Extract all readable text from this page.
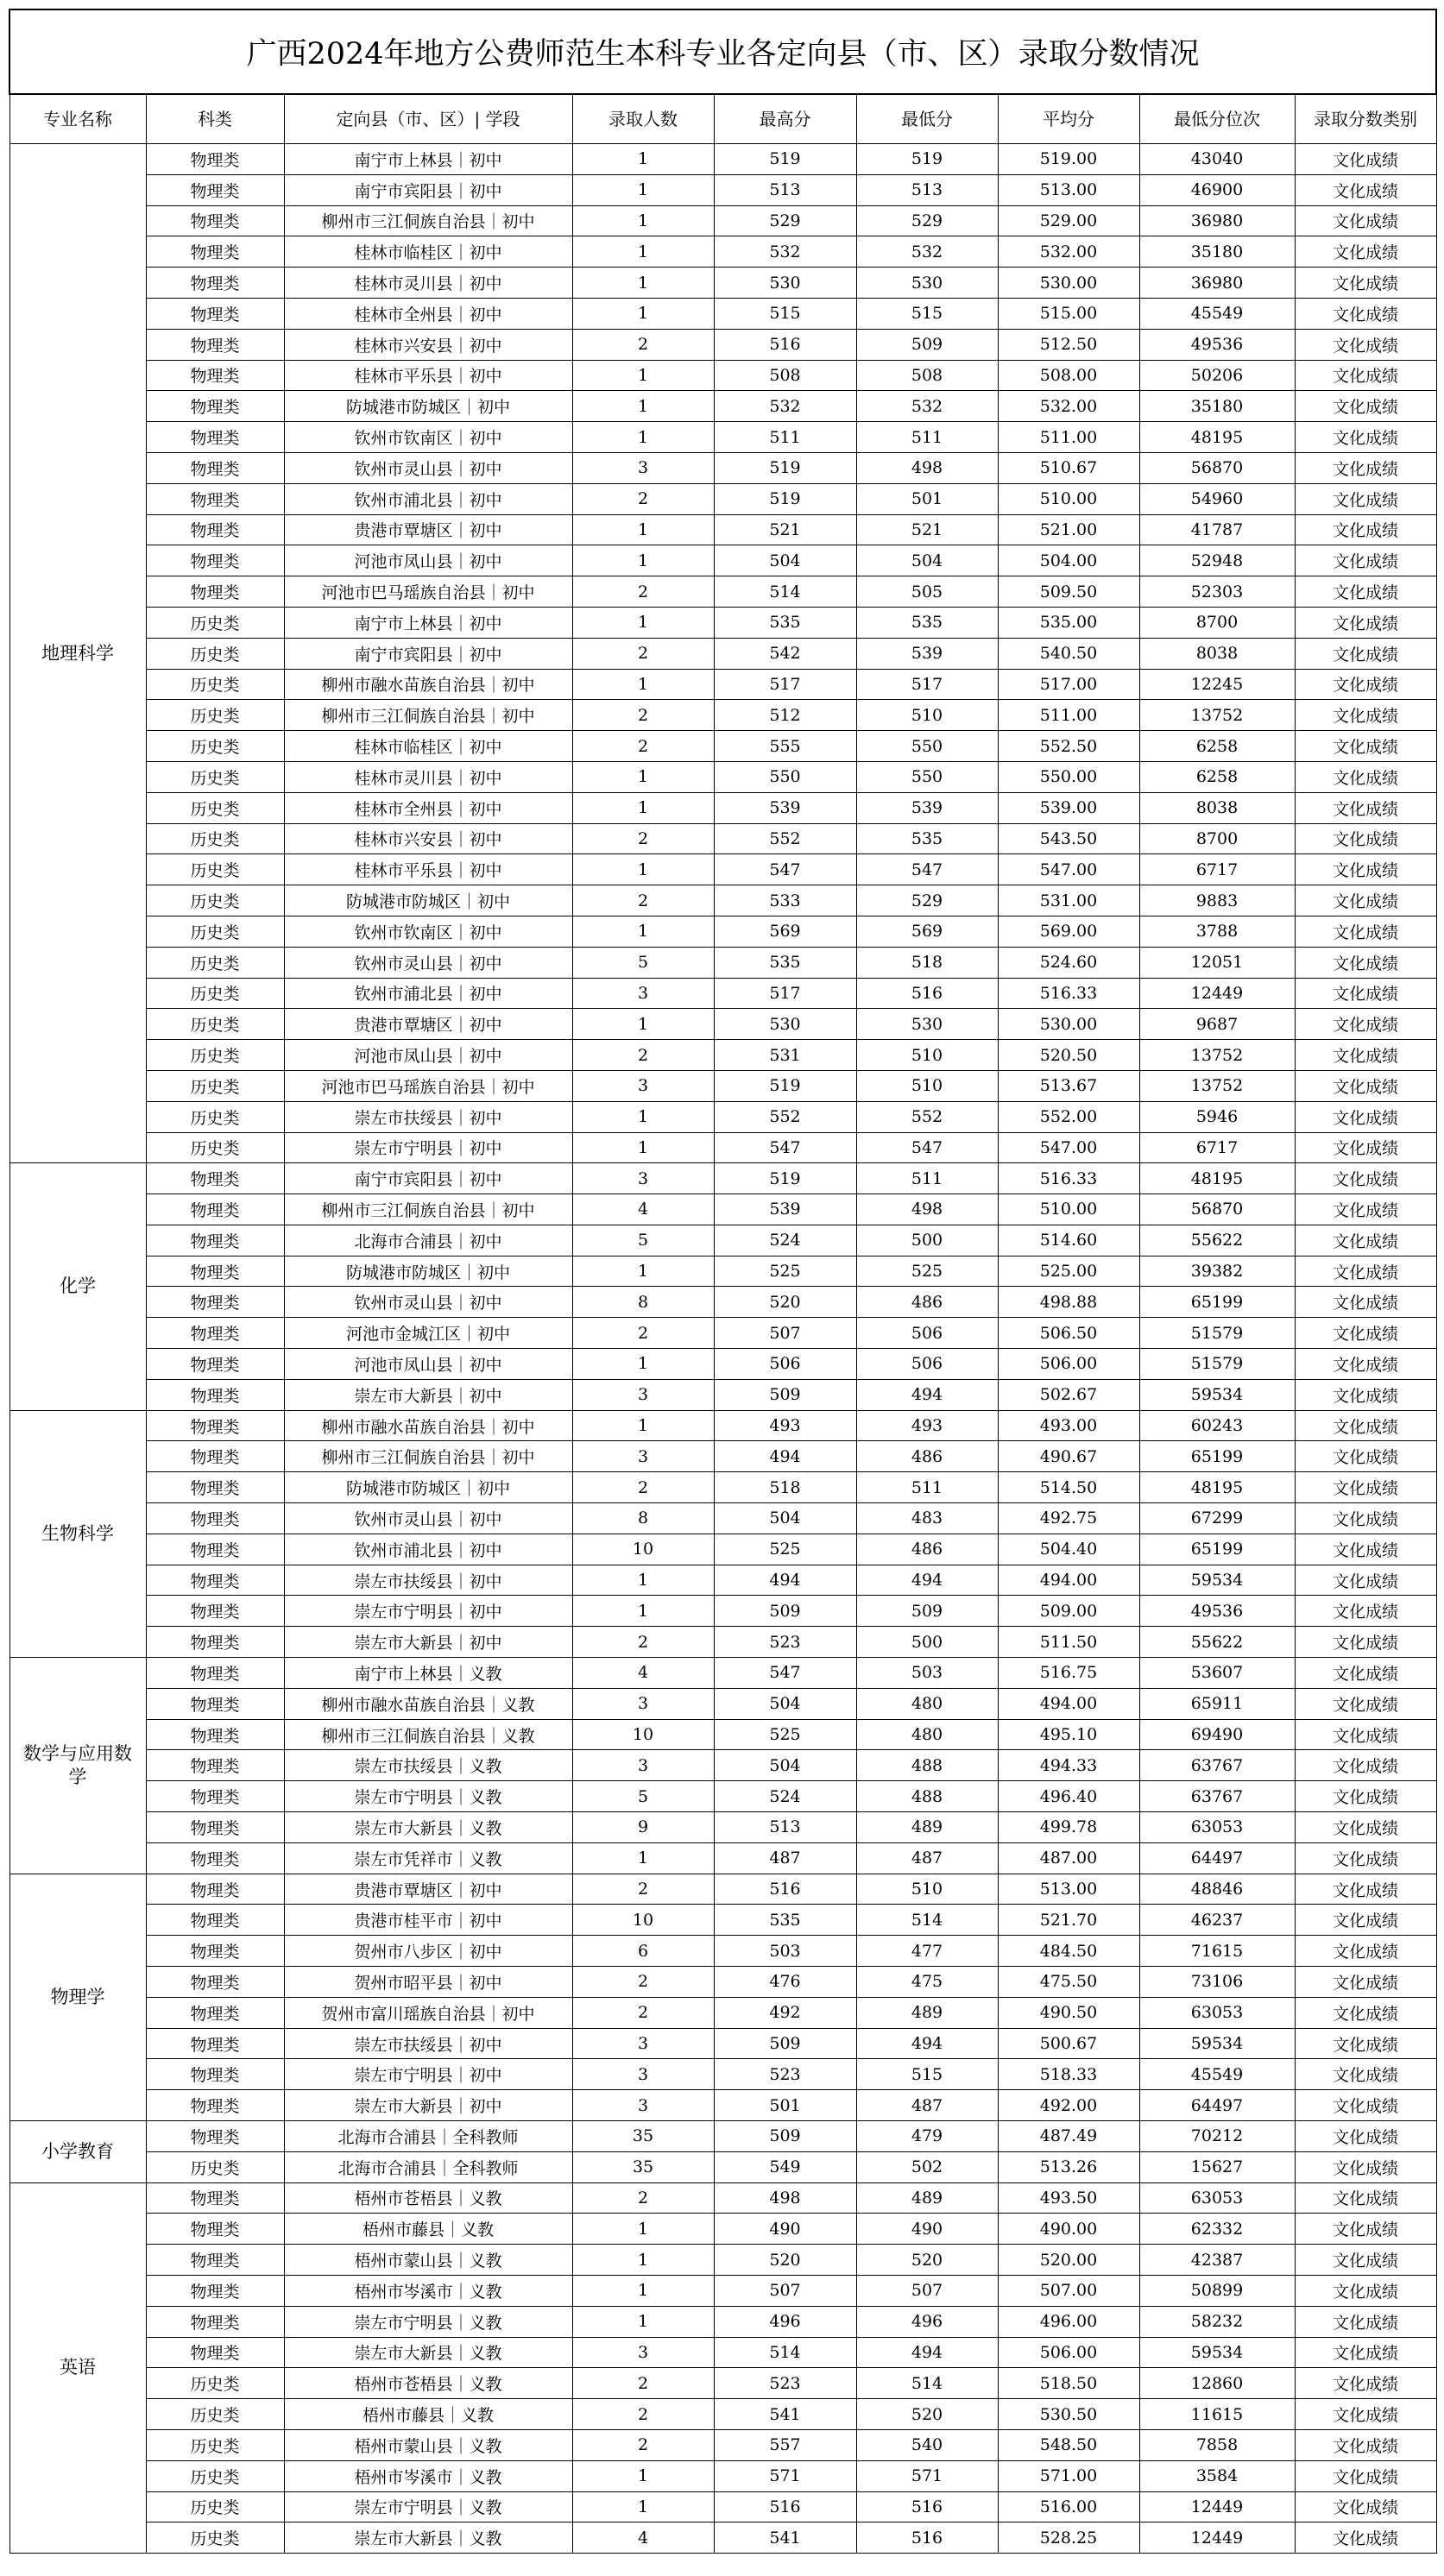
广西2024年地方公费师范生本科专业各定向县（市、区）录取分数情况								
专业名称	科类	定向县（市、区）| 学段	录取人数	最高分	最低分	平均分	最低分位次	录取分数类别
地理科学	物理类	南宁市上林县｜初中	1	519	519	519.00	43040	文化成绩
	物理类	南宁市宾阳县｜初中	1	513	513	513.00	46900	文化成绩
	物理类	柳州市三江侗族自治县｜初中	1	529	529	529.00	36980	文化成绩
	物理类	桂林市临桂区｜初中	1	532	532	532.00	35180	文化成绩
	物理类	桂林市灵川县｜初中	1	530	530	530.00	36980	文化成绩
	物理类	桂林市全州县｜初中	1	515	515	515.00	45549	文化成绩
	物理类	桂林市兴安县｜初中	2	516	509	512.50	49536	文化成绩
	物理类	桂林市平乐县｜初中	1	508	508	508.00	50206	文化成绩
	物理类	防城港市防城区｜初中	1	532	532	532.00	35180	文化成绩
	物理类	钦州市钦南区｜初中	1	511	511	511.00	48195	文化成绩
	物理类	钦州市灵山县｜初中	3	519	498	510.67	56870	文化成绩
	物理类	钦州市浦北县｜初中	2	519	501	510.00	54960	文化成绩
	物理类	贵港市覃塘区｜初中	1	521	521	521.00	41787	文化成绩
	物理类	河池市凤山县｜初中	1	504	504	504.00	52948	文化成绩
	物理类	河池市巴马瑶族自治县｜初中	2	514	505	509.50	52303	文化成绩
	历史类	南宁市上林县｜初中	1	535	535	535.00	8700	文化成绩
	历史类	南宁市宾阳县｜初中	2	542	539	540.50	8038	文化成绩
	历史类	柳州市融水苗族自治县｜初中	1	517	517	517.00	12245	文化成绩
	历史类	柳州市三江侗族自治县｜初中	2	512	510	511.00	13752	文化成绩
	历史类	桂林市临桂区｜初中	2	555	550	552.50	6258	文化成绩
	历史类	桂林市灵川县｜初中	1	550	550	550.00	6258	文化成绩
	历史类	桂林市全州县｜初中	1	539	539	539.00	8038	文化成绩
	历史类	桂林市兴安县｜初中	2	552	535	543.50	8700	文化成绩
	历史类	桂林市平乐县｜初中	1	547	547	547.00	6717	文化成绩
	历史类	防城港市防城区｜初中	2	533	529	531.00	9883	文化成绩
	历史类	钦州市钦南区｜初中	1	569	569	569.00	3788	文化成绩
	历史类	钦州市灵山县｜初中	5	535	518	524.60	12051	文化成绩
	历史类	钦州市浦北县｜初中	3	517	516	516.33	12449	文化成绩
	历史类	贵港市覃塘区｜初中	1	530	530	530.00	9687	文化成绩
	历史类	河池市凤山县｜初中	2	531	510	520.50	13752	文化成绩
	历史类	河池市巴马瑶族自治县｜初中	3	519	510	513.67	13752	文化成绩
	历史类	崇左市扶绥县｜初中	1	552	552	552.00	5946	文化成绩
	历史类	崇左市宁明县｜初中	1	547	547	547.00	6717	文化成绩
化学	物理类	南宁市宾阳县｜初中	3	519	511	516.33	48195	文化成绩
	物理类	柳州市三江侗族自治县｜初中	4	539	498	510.00	56870	文化成绩
	物理类	北海市合浦县｜初中	5	524	500	514.60	55622	文化成绩
	物理类	防城港市防城区｜初中	1	525	525	525.00	39382	文化成绩
	物理类	钦州市灵山县｜初中	8	520	486	498.88	65199	文化成绩
	物理类	河池市金城江区｜初中	2	507	506	506.50	51579	文化成绩
	物理类	河池市凤山县｜初中	1	506	506	506.00	51579	文化成绩
	物理类	崇左市大新县｜初中	3	509	494	502.67	59534	文化成绩
生物科学	物理类	柳州市融水苗族自治县｜初中	1	493	493	493.00	60243	文化成绩
	物理类	柳州市三江侗族自治县｜初中	3	494	486	490.67	65199	文化成绩
	物理类	防城港市防城区｜初中	2	518	511	514.50	48195	文化成绩
	物理类	钦州市灵山县｜初中	8	504	483	492.75	67299	文化成绩
	物理类	钦州市浦北县｜初中	10	525	486	504.40	65199	文化成绩
	物理类	崇左市扶绥县｜初中	1	494	494	494.00	59534	文化成绩
	物理类	崇左市宁明县｜初中	1	509	509	509.00	49536	文化成绩
	物理类	崇左市大新县｜初中	2	523	500	511.50	55622	文化成绩
数学与应用数学	物理类	南宁市上林县｜义教	4	547	503	516.75	53607	文化成绩
	物理类	柳州市融水苗族自治县｜义教	3	504	480	494.00	65911	文化成绩
	物理类	柳州市三江侗族自治县｜义教	10	525	480	495.10	69490	文化成绩
	物理类	崇左市扶绥县｜义教	3	504	488	494.33	63767	文化成绩
	物理类	崇左市宁明县｜义教	5	524	488	496.40	63767	文化成绩
	物理类	崇左市大新县｜义教	9	513	489	499.78	63053	文化成绩
	物理类	崇左市凭祥市｜义教	1	487	487	487.00	64497	文化成绩
物理学	物理类	贵港市覃塘区｜初中	2	516	510	513.00	48846	文化成绩
	物理类	贵港市桂平市｜初中	10	535	514	521.70	46237	文化成绩
	物理类	贺州市八步区｜初中	6	503	477	484.50	71615	文化成绩
	物理类	贺州市昭平县｜初中	2	476	475	475.50	73106	文化成绩
	物理类	贺州市富川瑶族自治县｜初中	2	492	489	490.50	63053	文化成绩
	物理类	崇左市扶绥县｜初中	3	509	494	500.67	59534	文化成绩
	物理类	崇左市宁明县｜初中	3	523	515	518.33	45549	文化成绩
	物理类	崇左市大新县｜初中	3	501	487	492.00	64497	文化成绩
小学教育	物理类	北海市合浦县｜全科教师	35	509	479	487.49	70212	文化成绩
	历史类	北海市合浦县｜全科教师	35	549	502	513.26	15627	文化成绩
英语	物理类	梧州市苍梧县｜义教	2	498	489	493.50	63053	文化成绩
	物理类	梧州市藤县｜义教	1	490	490	490.00	62332	文化成绩
	物理类	梧州市蒙山县｜义教	1	520	520	520.00	42387	文化成绩
	物理类	梧州市岑溪市｜义教	1	507	507	507.00	50899	文化成绩
	物理类	崇左市宁明县｜义教	1	496	496	496.00	58232	文化成绩
	物理类	崇左市大新县｜义教	3	514	494	506.00	59534	文化成绩
	历史类	梧州市苍梧县｜义教	2	523	514	518.50	12860	文化成绩
	历史类	梧州市藤县｜义教	2	541	520	530.50	11615	文化成绩
	历史类	梧州市蒙山县｜义教	2	557	540	548.50	7858	文化成绩
	历史类	梧州市岑溪市｜义教	1	571	571	571.00	3584	文化成绩
	历史类	崇左市宁明县｜义教	1	516	516	516.00	12449	文化成绩
	历史类	崇左市大新县｜义教	4	541	516	528.25	12449	文化成绩
